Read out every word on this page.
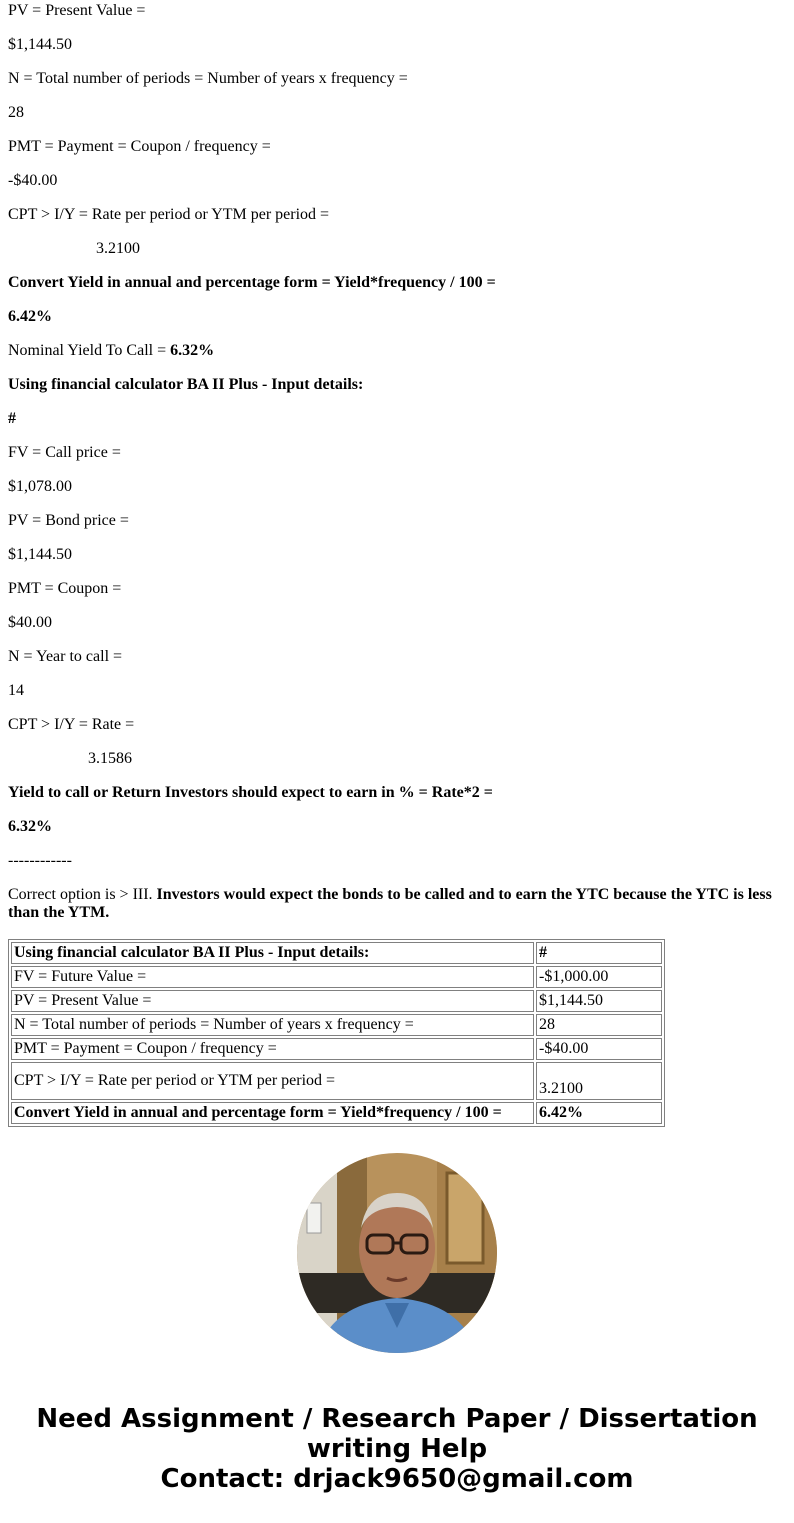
PV = Present Value =

$1,144.50

N = Total number of periods = Number of years x frequency =

28

PMT = Payment = Coupon / frequency =

-$40.00

CPT > I/Y = Rate per period or YTM per period =

3.2100

Convert Yield in annual and percentage form = Yield*frequency / 100 =

6.42%

Nominal Yield To Call = 6.32%

Using financial calculator BA II Plus - Input details:

#

FV = Call price =

$1,078.00

PV = Bond price =

$1,144.50

PMT = Coupon =

$40.00

N = Year to call =

14

CPT > I/Y = Rate =

3.1586

Yield to call or Return Investors should expect to earn in % = Rate*2 =

6.32%

------------

Correct option is > III. Investors would expect the bonds to be called and to earn the YTC because the YTC is less than the YTM.

Using financial calculator BA II Plus - Input details:	#
FV = Future Value =	-$1,000.00
PV = Present Value =	$1,144.50
N = Total number of periods = Number of years x frequency =	28
PMT = Payment = Coupon / frequency =	-$40.00
CPT > I/Y = Rate per period or YTM per period =	3.2100
Convert Yield in annual and percentage form = Yield*frequency / 100 =	6.42%
Need Assignment / Research Paper / Dissertation
writing Help
Contact: drjack9650@gmail.com
